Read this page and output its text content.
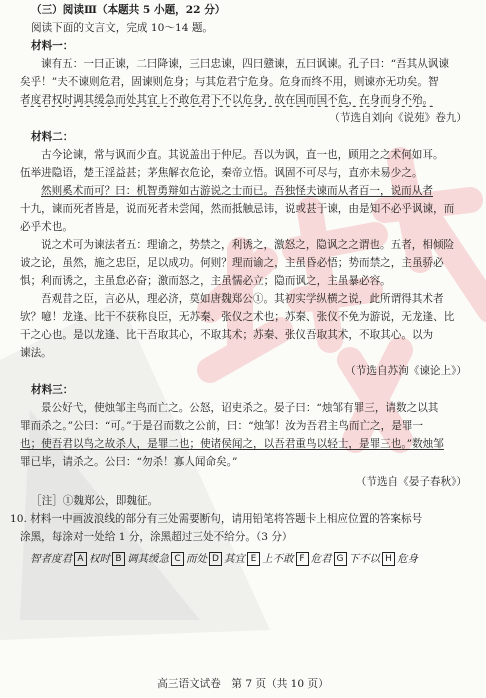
（三）阅读Ⅲ（本题共 5 小题，22 分）
阅读下面的文言文，完成 10～14 题。
材料一：
谏有五：一曰正谏，二曰降谏，三曰忠谏，四曰戆谏，五曰讽谏。孔子曰：“吾其从讽谏
矣乎！”夫不谏则危君，固谏则危身；与其危君宁危身。危身而终不用，则谏亦无功矣。智
者度君权时调其缓急而处其宜上不敢危君下不以危身，故在国而国不危，在身而身不殆。
（节选自刘向《说苑》卷九）
材料二：
古今论谏，常与讽而少直。其说盖出于仲尼。吾以为讽，直一也，顾用之之术何如耳。
伍举进隐语，楚王淫益甚；茅焦解衣危论，秦帝立悟。讽固不可尽与，直亦未易少之。
然则奚术而可？曰：机智勇辩如古游说之士而已。吾独怪夫谏而从者百一，说而从者
十九，谏而死者皆是，说而死者未尝闻，然而抵触忌讳，说或甚于谏，由是知不必乎讽谏，而
必乎术也。
说之术可为谏法者五：理谕之，势禁之，利诱之，激怒之，隐讽之之谓也。五者，相倾险
诐之论，虽然，施之忠臣，足以成功。何则？理而谕之，主虽昏必悟；势而禁之，主虽骄必
惧；利而诱之，主虽怠必奋；激而怒之，主虽懦必立；隐而讽之，主虽暴必容。
吾观昔之臣，言必从，理必济，莫如唐魏郑公①。其初实学纵横之说，此所谓得其术者
欤？噫！龙逢、比干不获称良臣，无苏秦、张仪之术也；苏秦、张仪不免为游说，无龙逢、比
干之心也。是以龙逢、比干吾取其心，不取其术；苏秦、张仪吾取其术，不取其心。以为
谏法。
（节选自苏洵《谏论上》）
材料三：
景公好弋，使烛邹主鸟而亡之。公怒，诏吏杀之。晏子曰：“烛邹有罪三，请数之以其
罪而杀之。”公曰：“可。”于是召而数之公前，曰：“烛邹！汝为吾君主鸟而亡之，是罪一
也；使吾君以鸟之故杀人，是罪二也；使诸侯闻之，以吾君重鸟以轻士，是罪三也。”数烛邹
罪已毕，请杀之。公曰：“勿杀！寡人闻命矣。”
（节选自《晏子春秋》）
［注］①魏郑公，即魏征。
10. 材料一中画波浪线的部分有三处需要断句，请用铅笔将答题卡上相应位置的答案标号
涂黑，每涂对一处给 1 分，涂黑超过三处不给分。（3 分）
智者度君 A 权时 B 调其缓急 C 而处 D 其宜 E 上不敢 F 危君 G 下不以 H 危身
高三语文试卷　第 7 页（共 10 页）
